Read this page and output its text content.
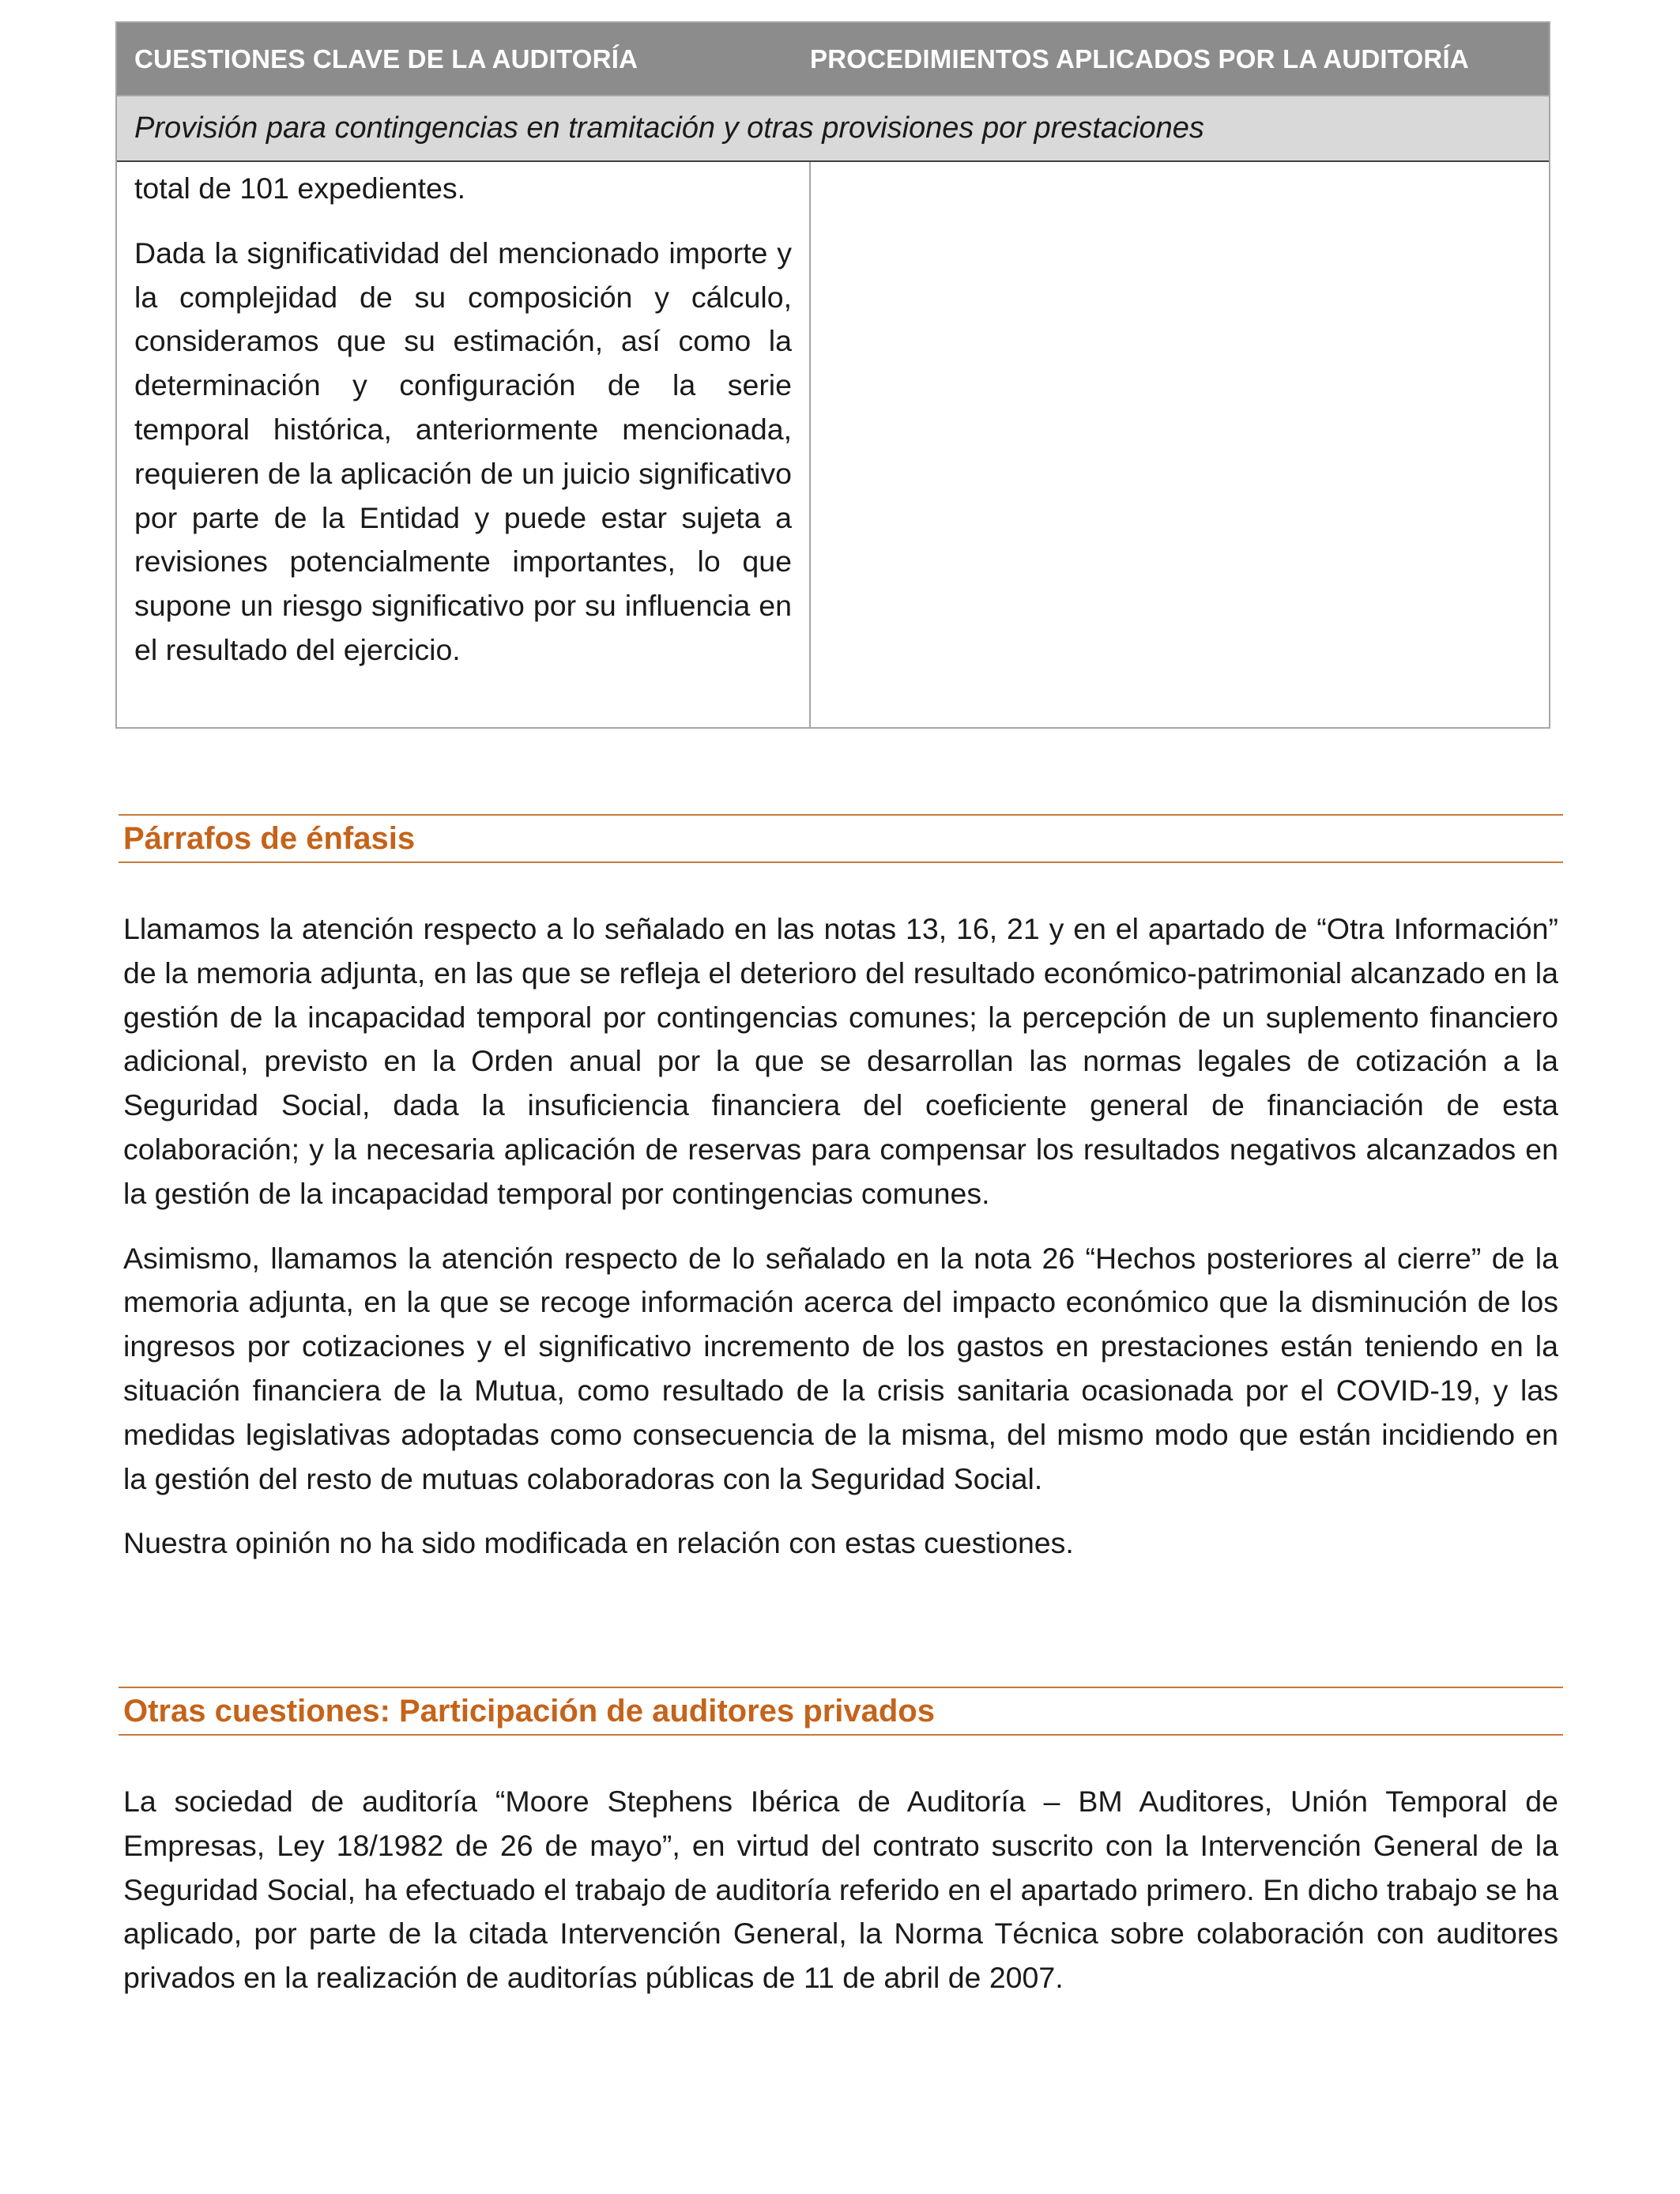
CUESTIONES CLAVE DE LA AUDITORÍA	PROCEDIMIENTOS APLICADOS POR LA AUDITORÍA
Provisión para contingencias en tramitación y otras provisiones por prestaciones

total de 101 expedientes.

Dada la significatividad del mencionado importe y la complejidad de su composición y cálculo, consideramos que su estimación, así como la determinación y configuración de la serie temporal histórica, anteriormente mencionada, requieren de la aplicación de un juicio significativo por parte de la Entidad y puede estar sujeta a revisiones potencialmente importantes, lo que supone un riesgo significativo por su influencia en el resultado del ejercicio.

Párrafos de énfasis

Llamamos la atención respecto a lo señalado en las notas 13, 16, 21 y en el apartado de “Otra Información” de la memoria adjunta, en las que se refleja el deterioro del resultado económico-patrimonial alcanzado en la gestión de la incapacidad temporal por contingencias comunes; la percepción de un suplemento financiero adicional, previsto en la Orden anual por la que se desarrollan las normas legales de cotización a la Seguridad Social, dada la insuficiencia financiera del coeficiente general de financiación de esta colaboración; y la necesaria aplicación de reservas para compensar los resultados negativos alcanzados en la gestión de la incapacidad temporal por contingencias comunes.

Asimismo, llamamos la atención respecto de lo señalado en la nota 26 “Hechos posteriores al cierre” de la memoria adjunta, en la que se recoge información acerca del impacto económico que la disminución de los ingresos por cotizaciones y el significativo incremento de los gastos en prestaciones están teniendo en la situación financiera de la Mutua, como resultado de la crisis sanitaria ocasionada por el COVID-19, y las medidas legislativas adoptadas como consecuencia de la misma, del mismo modo que están incidiendo en la gestión del resto de mutuas colaboradoras con la Seguridad Social.

Nuestra opinión no ha sido modificada en relación con estas cuestiones.

Otras cuestiones: Participación de auditores privados

La sociedad de auditoría “Moore Stephens Ibérica de Auditoría – BM Auditores, Unión Temporal de Empresas, Ley 18/1982 de 26 de mayo”, en virtud del contrato suscrito con la Intervención General de la Seguridad Social, ha efectuado el trabajo de auditoría referido en el apartado primero. En dicho trabajo se ha aplicado, por parte de la citada Intervención General, la Norma Técnica sobre colaboración con auditores privados en la realización de auditorías públicas de 11 de abril de 2007.
